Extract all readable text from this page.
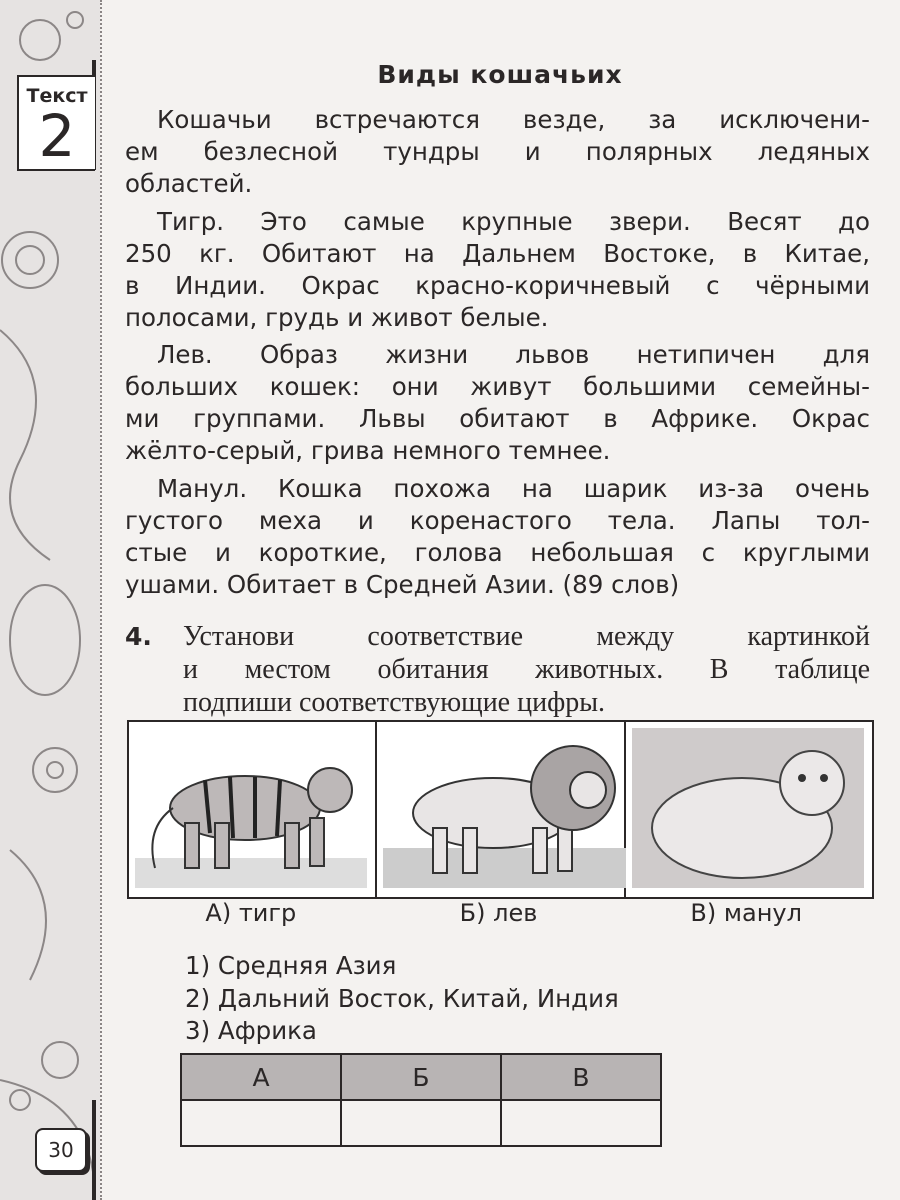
Текст
2
Виды кошачьих
Кошачьи встречаются везде, за исключени-
ем безлесной тундры и полярных ледяных
областей.
Тигр. Это самые крупные звери. Весят до
250 кг. Обитают на Дальнем Востоке, в Китае,
в Индии. Окрас красно-коричневый с чёрными
полосами, грудь и живот белые.
Лев. Образ жизни львов нетипичен для
больших кошек: они живут большими семейны-
ми группами. Львы обитают в Африке. Окрас
жёлто-серый, грива немного темнее.
Манул. Кошка похожа на шарик из-за очень
густого меха и коренастого тела. Лапы тол-
стые и короткие, голова небольшая с круглыми
ушами. Обитает в Средней Азии. (89 слов)
4.	Установи соответствие между картинкой
и местом обитания животных. В таблице
подпиши соответствующие цифры.
А) тигр	Б) лев	В) манул
1) Средняя Азия
2) Дальний Восток, Китай, Индия
3) Африка
А	Б	В

30
